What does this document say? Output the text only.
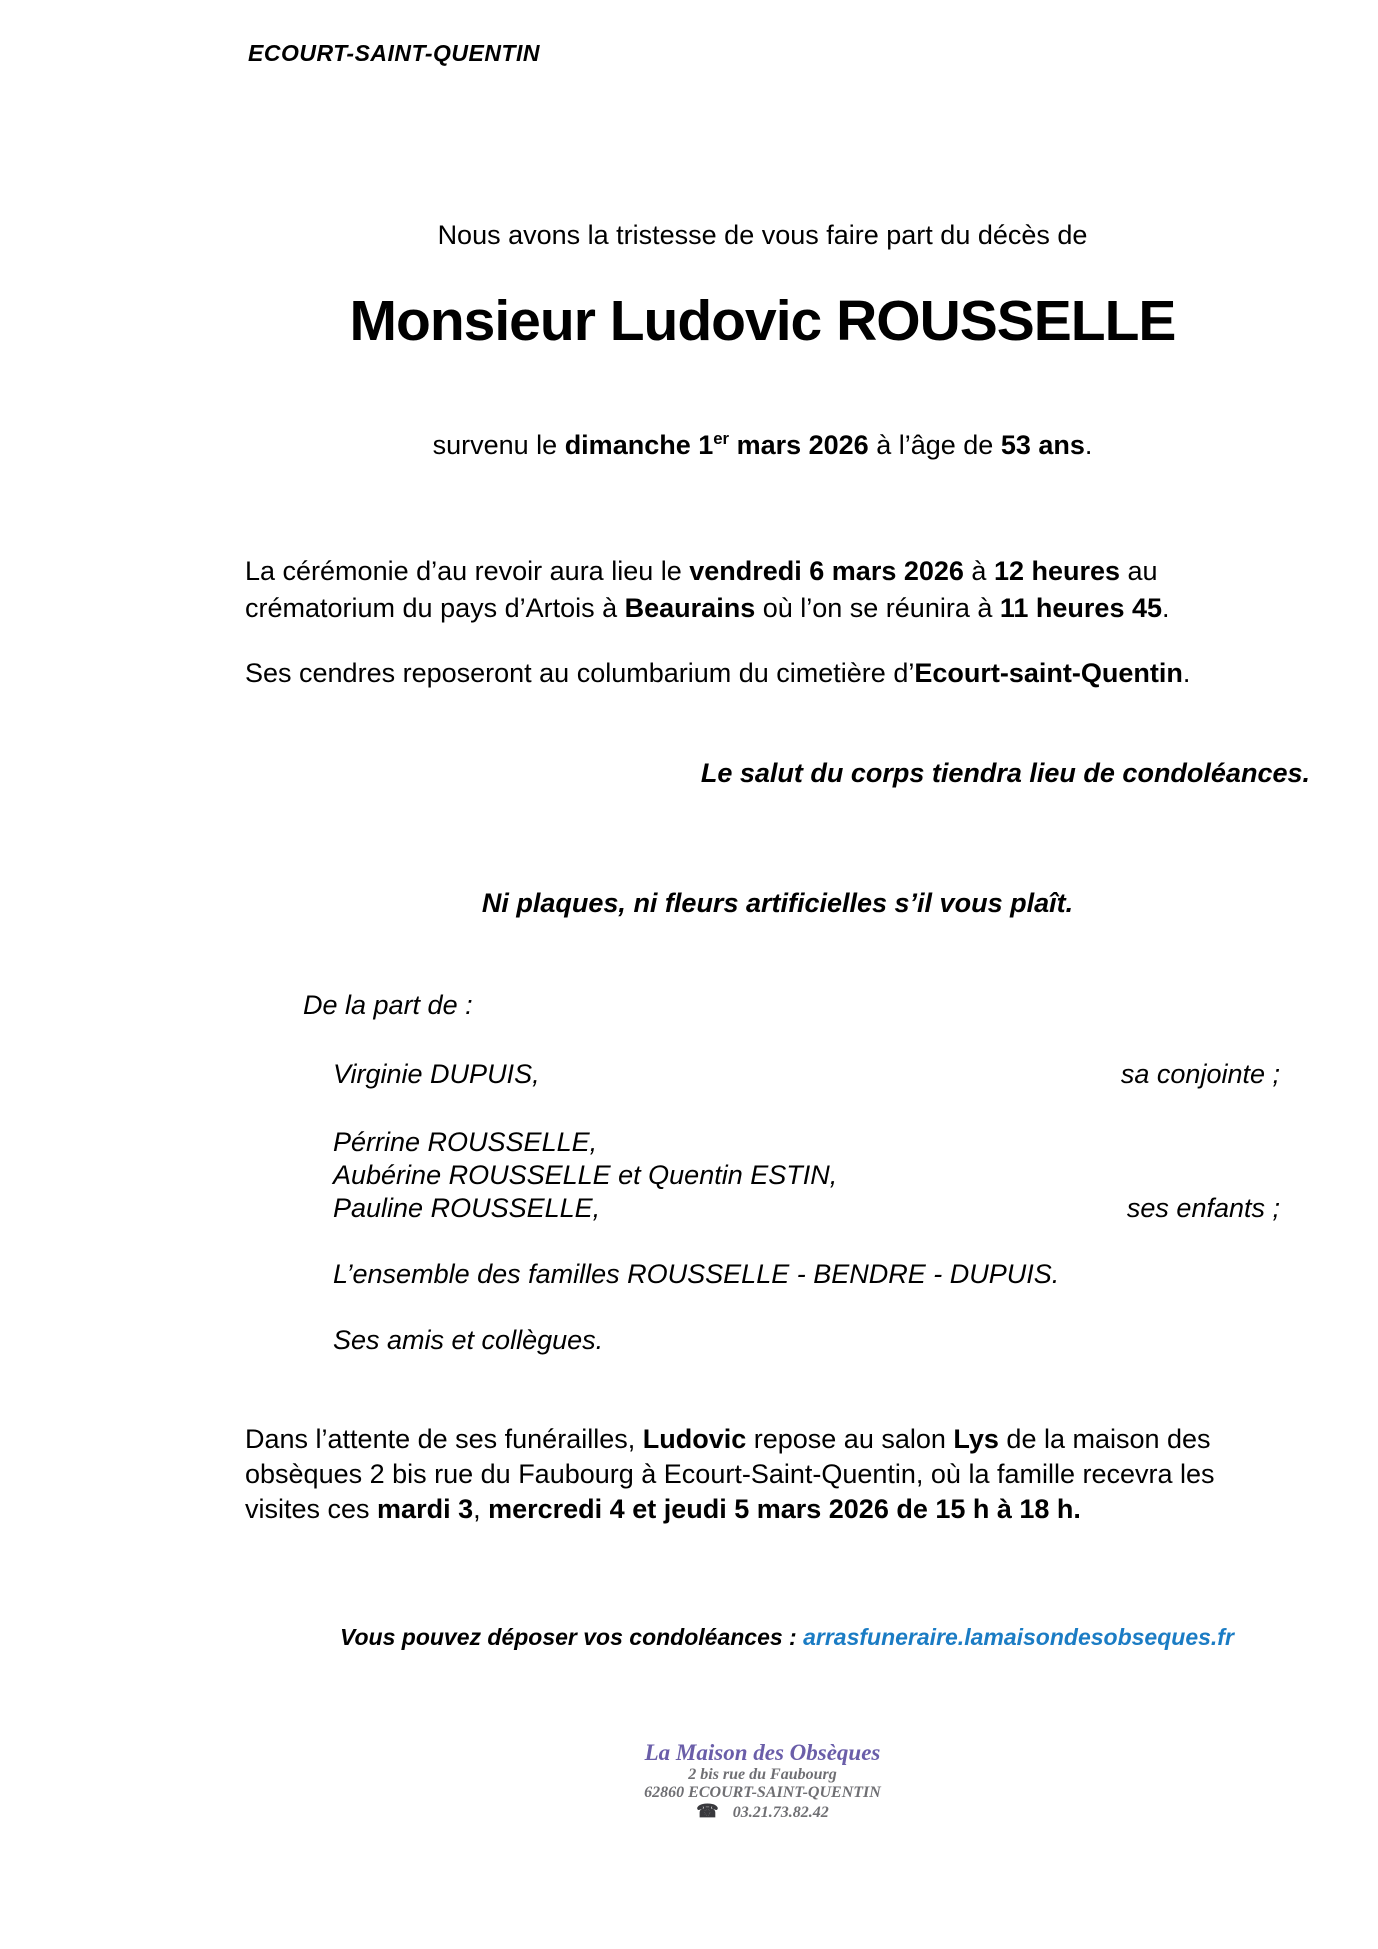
ECOURT-SAINT-QUENTIN
Nous avons la tristesse de vous faire part du décès de
Monsieur Ludovic ROUSSELLE
survenu le dimanche 1er mars 2026 à l’âge de 53 ans.
La cérémonie d’au revoir aura lieu le vendredi 6 mars 2026 à 12 heures au
crématorium du pays d’Artois à Beaurains où l’on se réunira à 11 heures 45.
Ses cendres reposeront au columbarium du cimetière d’Ecourt-saint-Quentin.
Le salut du corps tiendra lieu de condoléances.
Ni plaques, ni fleurs artificielles s’il vous plaît.
De la part de :
Virginie DUPUIS,	sa conjointe ;
Pérrine ROUSSELLE,
Aubérine ROUSSELLE et Quentin ESTIN,
Pauline ROUSSELLE,	ses enfants ;
L’ensemble des familles ROUSSELLE - BENDRE - DUPUIS.
Ses amis et collègues.
Dans l’attente de ses funérailles, Ludovic repose au salon Lys de la maison des
obsèques 2 bis rue du Faubourg à Ecourt-Saint-Quentin, où la famille recevra les
visites ces mardi 3, mercredi 4 et jeudi 5 mars 2026 de 15 h à 18 h.
Vous pouvez déposer vos condoléances : arrasfuneraire.lamaisondesobseques.fr
La Maison des Obsèques
2 bis rue du Faubourg
62860 ECOURT-SAINT-QUENTIN
☎ 03.21.73.82.42
